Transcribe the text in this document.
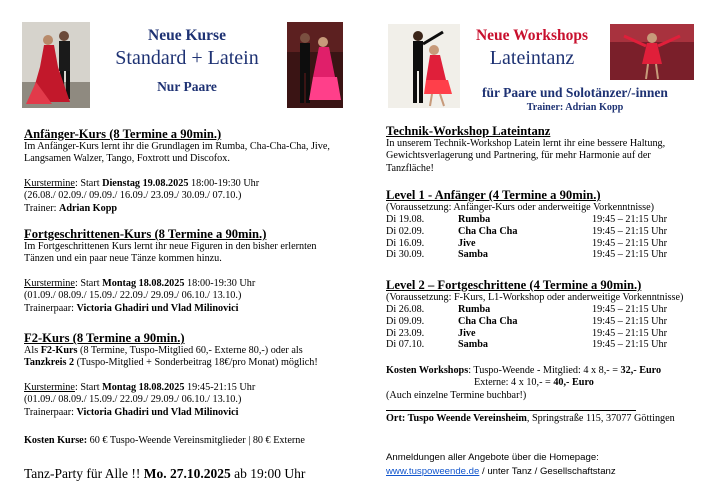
Neue Kurse
Standard + Latein
Nur Paare

Anfänger-Kurs (8 Termine a 90min.)

Im Anfänger-Kurs lernt ihr die Grundlagen im Rumba, Cha-Cha-Cha, Jive,

Langsamen Walzer, Tango, Foxtrott und Discofox.

Kurstermine: Start Dienstag 19.08.2025 18:00-19:30 Uhr

(26.08./ 02.09./ 09.09./ 16.09./ 23.09./ 30.09./ 07.10.)

Trainer: Adrian Kopp

Fortgeschrittenen-Kurs (8 Termine a 90min.)

Im Fortgeschrittenen Kurs lernt ihr neue Figuren in den bisher erlernten

Tänzen und ein paar neue Tänze kommen hinzu.

Kurstermine: Start Montag 18.08.2025 18:00-19:30 Uhr

(01.09./ 08.09./ 15.09./ 22.09./ 29.09./ 06.10./ 13.10.)

Trainerpaar: Victoria Ghadiri und Vlad Milinovici

F2-Kurs (8 Termine a 90min.)

Als F2-Kurs (8 Termine, Tuspo-Mitglied 60,- Externe 80,-) oder als

Tanzkreis 2 (Tuspo-Mitglied + Sonderbeitrag 18€/pro Monat) möglich!

Kurstermine: Start Montag 18.08.2025 19:45-21:15 Uhr

(01.09./ 08.09./ 15.09./ 22.09./ 29.09./ 06.10./ 13.10.)

Trainerpaar: Victoria Ghadiri und Vlad Milinovici

Kosten Kurse: 60 € Tuspo-Weende Vereinsmitglieder | 80 € Externe

Tanz-Party für Alle !! Mo. 27.10.2025 ab 19:00 Uhr

Neue Workshops
Lateintanz
für Paare und Solotänzer/-innen
Trainer: Adrian Kopp

Technik-Workshop Lateintanz

In unserem Technik-Workshop Latein lernt ihr eine bessere Haltung,

Gewichtsverlagerung und Partnering, für mehr Harmonie auf der

Tanzfläche!

Level 1 - Anfänger (4 Termine a 90min.)

(Voraussetzung: Anfänger-Kurs oder anderweitige Vorkenntnisse)

Di 19.08.	Rumba	19:45 – 21:15 Uhr
Di 02.09.	Cha Cha Cha	19:45 – 21:15 Uhr
Di 16.09.	Jive	19:45 – 21:15 Uhr
Di 30.09.	Samba	19:45 – 21:15 Uhr

Level 2 – Fortgeschrittene (4 Termine a 90min.)

(Voraussetzung: F-Kurs, L1-Workshop oder anderweitige Vorkenntnisse)

Di 26.08.	Rumba	19:45 – 21:15 Uhr
Di 09.09.	Cha Cha Cha	19:45 – 21:15 Uhr
Di 23.09.	Jive	19:45 – 21:15 Uhr
Di 07.10.	Samba	19:45 – 21:15 Uhr

Kosten Workshops: Tuspo-Weende - Mitglied: 4 x 8,- = 32,- Euro

Externe: 4 x 10,- = 40,- Euro

(Auch einzelne Termine buchbar!)

Ort: Tuspo Weende Vereinsheim, Springstraße 115, 37077 Göttingen

Anmeldungen aller Angebote über die Homepage:

www.tuspoweende.de / unter Tanz / Gesellschaftstanz
